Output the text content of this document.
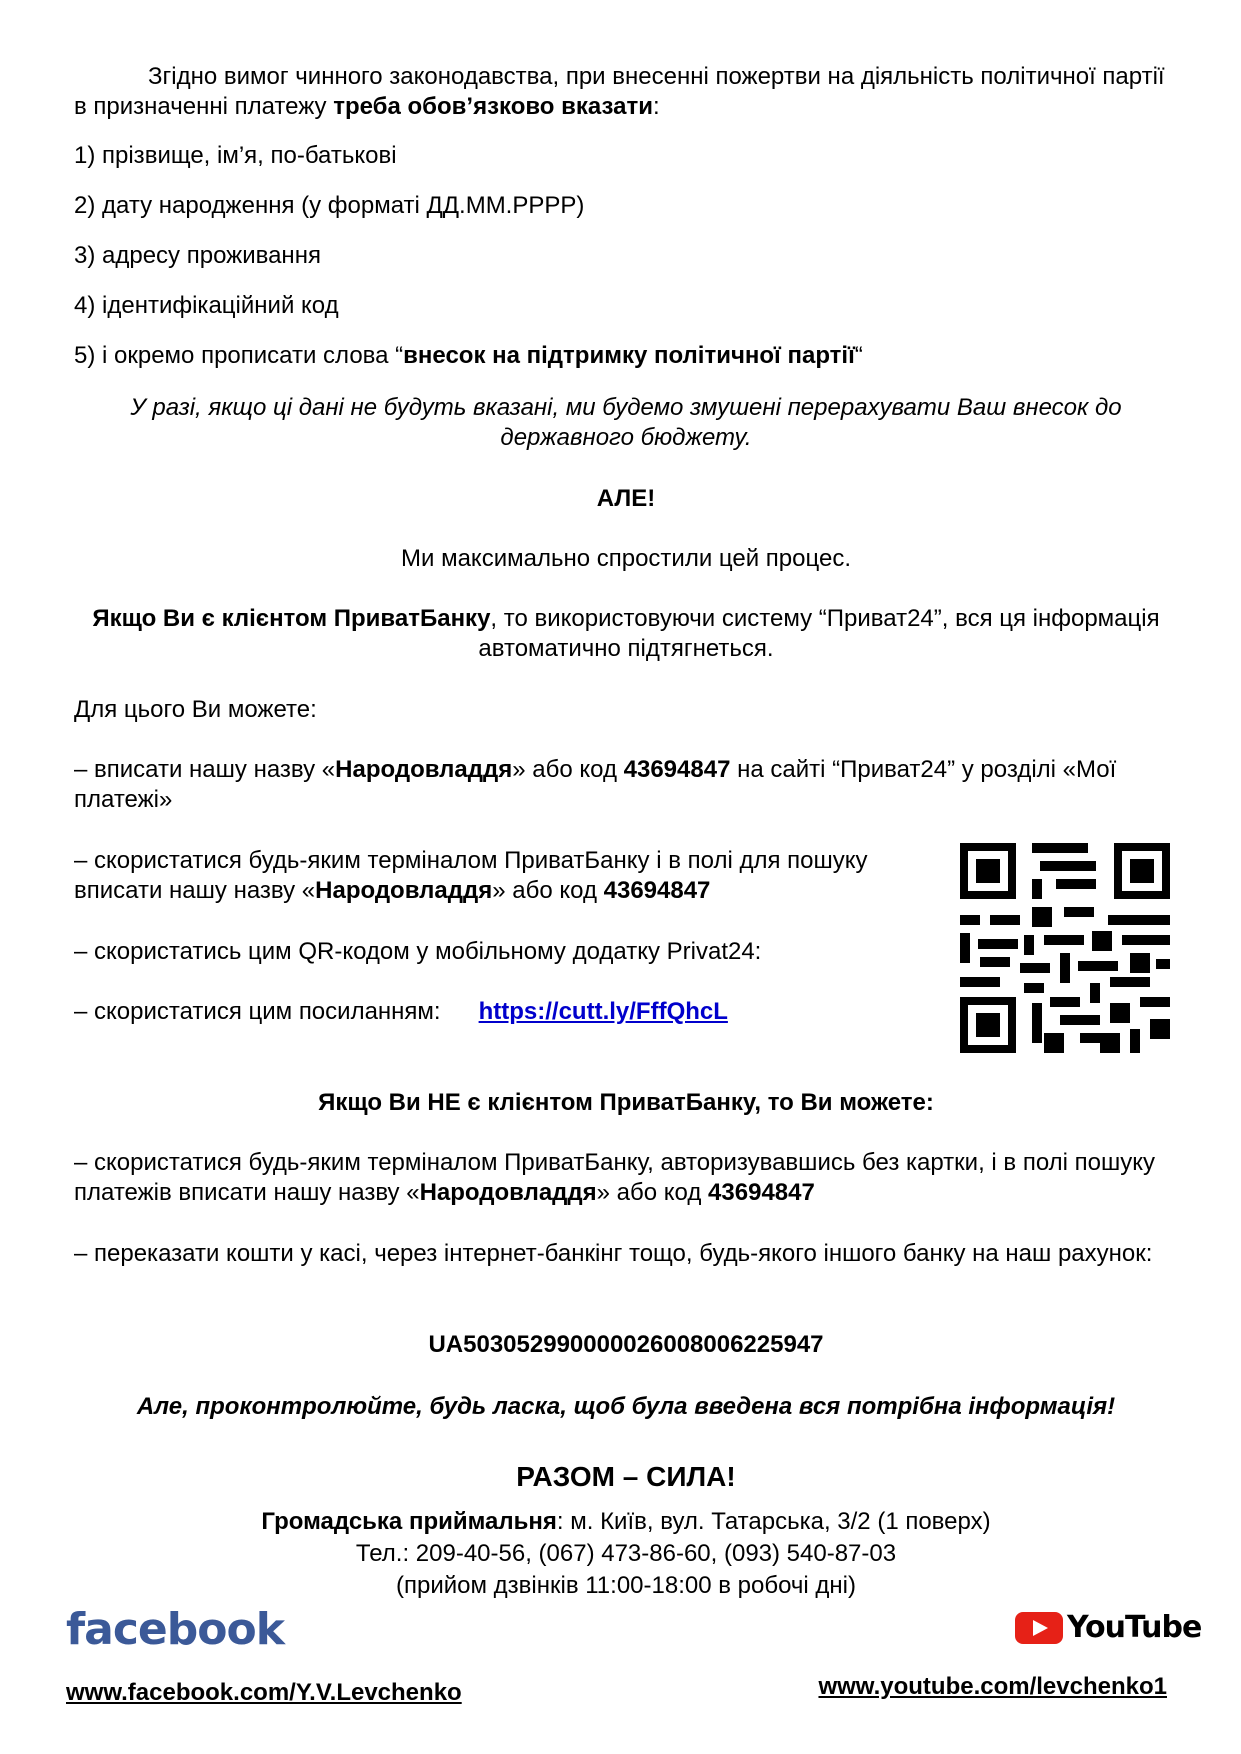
Згідно вимог чинного законодавства, при внесенні пожертви на діяльність політичної партії в призначенні платежу треба обов’язково вказати:

1) прізвище, ім’я, по-батькові

2) дату народження (у форматі ДД.ММ.РРРР)

3) адресу проживання

4) ідентифікаційний код

5) і окремо прописати слова “внесок на підтримку політичної партії“

У разі, якщо ці дані не будуть вказані, ми будемо змушені перерахувати Ваш внесок до державного бюджету.

АЛЕ!

Ми максимально спростили цей процес.

Якщо Ви є клієнтом ПриватБанку, то використовуючи систему “Приват24”, вся ця інформація автоматично підтягнеться.

Для цього Ви можете:

– вписати нашу назву «Народовладдя» або код 43694847 на сайті “Приват24” у розділі «Мої платежі»

– скористатися будь-яким терміналом ПриватБанку і в полі для пошуку вписати нашу назву «Народовладдя» або код 43694847

– скористатись цим QR-кодом у мобільному додатку Privat24:

– скористатися цим посиланням: https://cutt.ly/FffQhcL

Якщо Ви НЕ є клієнтом ПриватБанку, то Ви можете:

– скористатися будь-яким терміналом ПриватБанку, авторизувавшись без картки, і в полі пошуку платежів вписати нашу назву «Народовладдя» або код 43694847

– переказати кошти у касі, через інтернет-банкінг тощо, будь-якого іншого банку на наш рахунок:

UA503052990000026008006225947

Але, проконтролюйте, будь ласка, щоб була введена вся потрібна інформація!

РАЗОМ – СИЛА!

Громадська приймальня: м. Київ, вул. Татарська, 3/2 (1 поверх)

Тел.: 209-40-56, (067) 473-86-60, (093) 540-87-03

(прийом дзвінків 11:00-18:00 в робочі дні)

facebook	YouTube
www.facebook.com/Y.V.Levchenko	www.youtube.com/levchenko1
